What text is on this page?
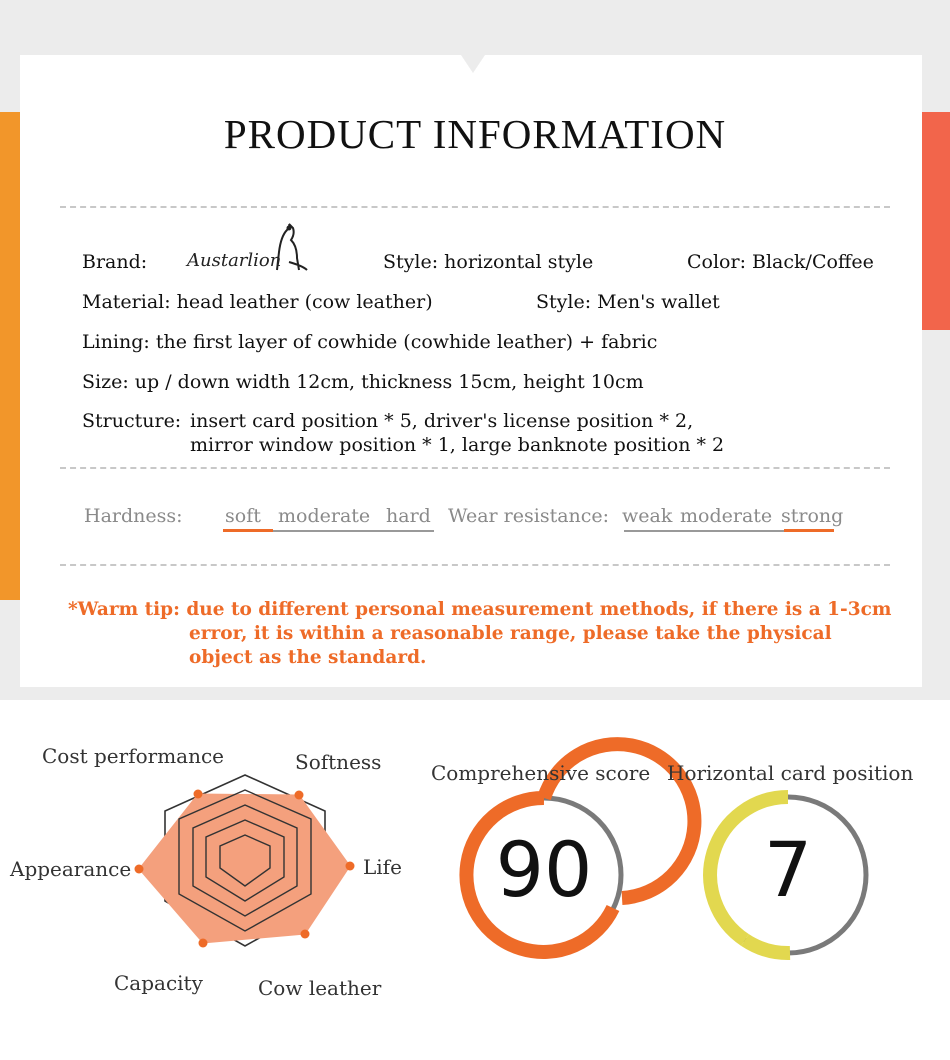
PRODUCT INFORMATION
Brand: Austarlion	Style: horizontal style	Color: Black/Coffee
Material: head leather (cow leather)	Style: Men's wallet
Lining: the first layer of cowhide (cowhide leather) + fabric
Size: up / down width 12cm, thickness 15cm, height 10cm
Structure: insert card position * 5, driver's license position * 2,
mirror window position * 1, large banknote position * 2
Hardness: soft moderate hard Wear resistance: weak moderate strong
*Warm tip: due to different personal measurement methods, if there is a 1-3cm
error, it is within a reasonable range, please take the physical
object as the standard.
Cost performance	Softness
Life
Cow leather
Capacity
Appearance
Comprehensive score Horizontal card position
90	7
